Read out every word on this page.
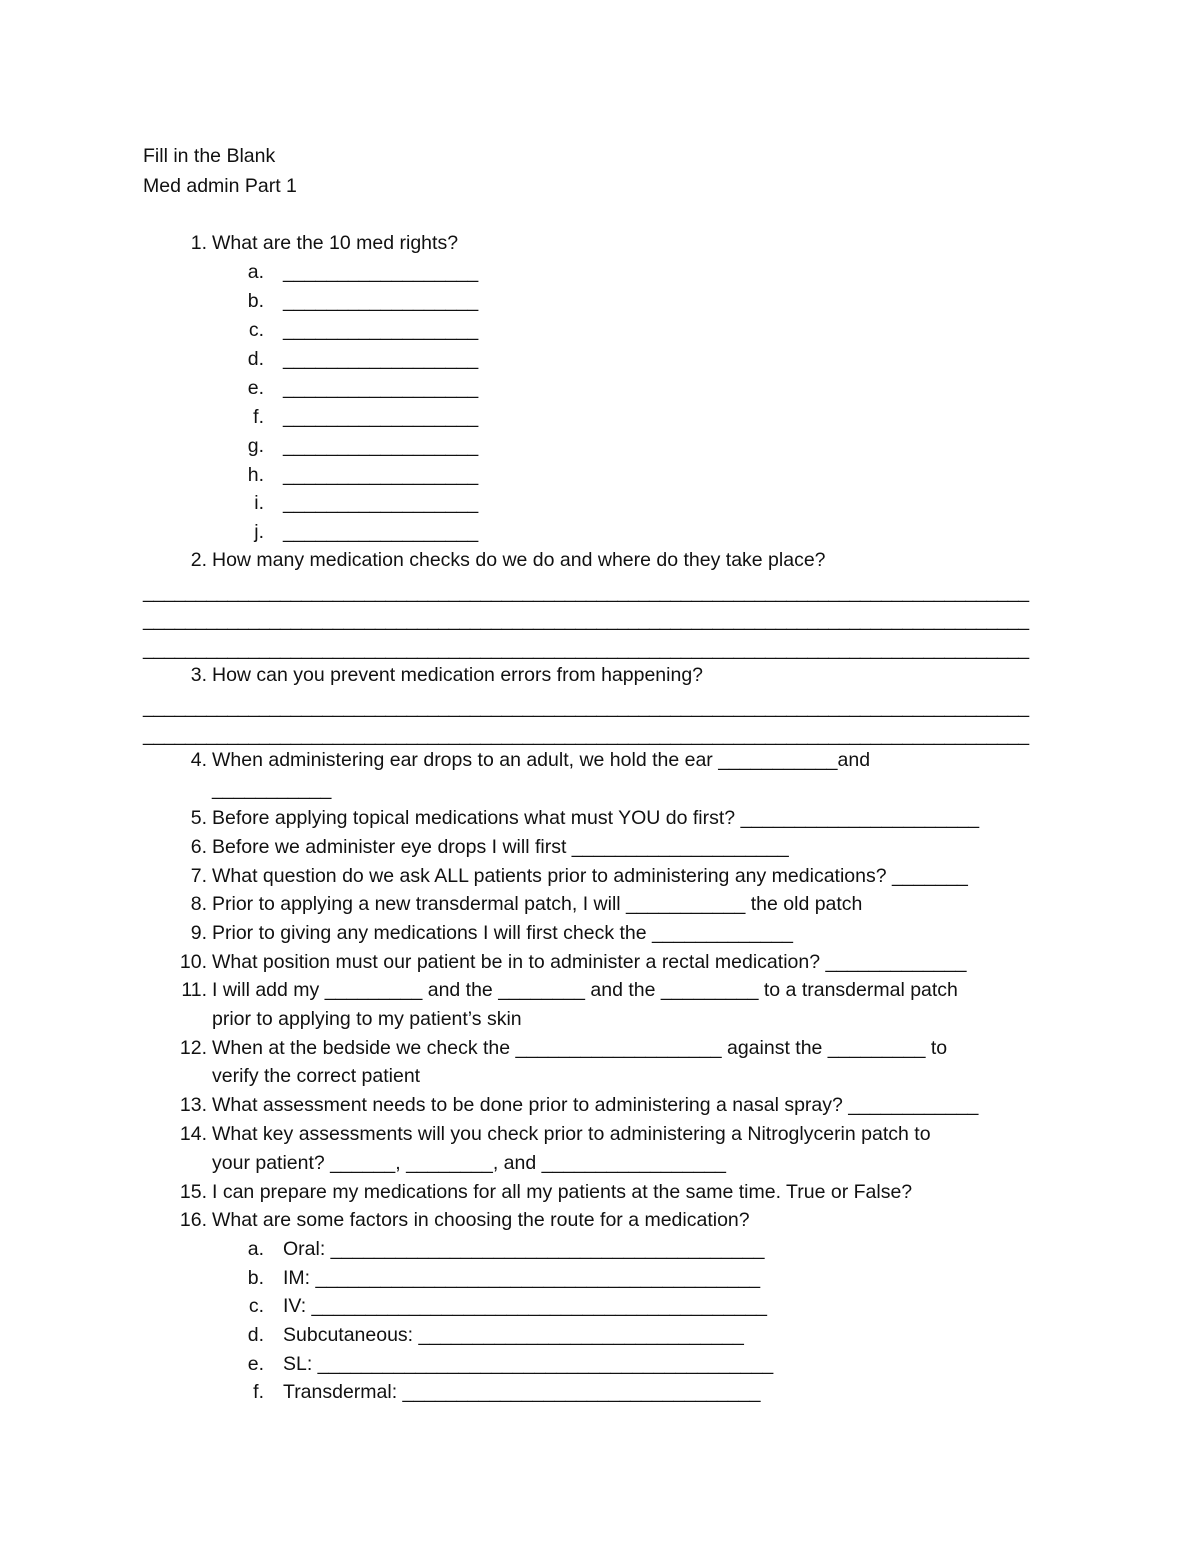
Fill in the Blank
Med admin Part 1
1. What are the 10 med rights?
a. __________________
b. __________________
c. __________________
d. __________________
e. __________________
f. __________________
g. __________________
h. __________________
i. __________________
j. __________________
2. How many medication checks do we do and where do they take place?
____________________________________________________________________________________
____________________________________________________________________________________
____________________________________________________________________________________
3. How can you prevent medication errors from happening?
____________________________________________________________________________________
____________________________________________________________________________________
4. When administering ear drops to an adult, we hold the ear ___________and
___________
5. Before applying topical medications what must YOU do first? ______________________
6. Before we administer eye drops I will first ____________________
7. What question do we ask ALL patients prior to administering any medications? _______
8. Prior to applying a new transdermal patch, I will ___________ the old patch
9. Prior to giving any medications I will first check the _____________
10. What position must our patient be in to administer a rectal medication? _____________
11. I will add my _________ and the ________ and the _________ to a transdermal patch
prior to applying to my patient’s skin
12. When at the bedside we check the ___________________ against the _________ to
verify the correct patient
13. What assessment needs to be done prior to administering a nasal spray? ____________
14. What key assessments will you check prior to administering a Nitroglycerin patch to
your patient? ______, ________, and _________________
15. I can prepare my medications for all my patients at the same time. True or False?
16. What are some factors in choosing the route for a medication?
a. Oral: ________________________________________
b. IM: _________________________________________
c. IV: __________________________________________
d. Subcutaneous: ______________________________
e. SL: __________________________________________
f. Transdermal: _________________________________
